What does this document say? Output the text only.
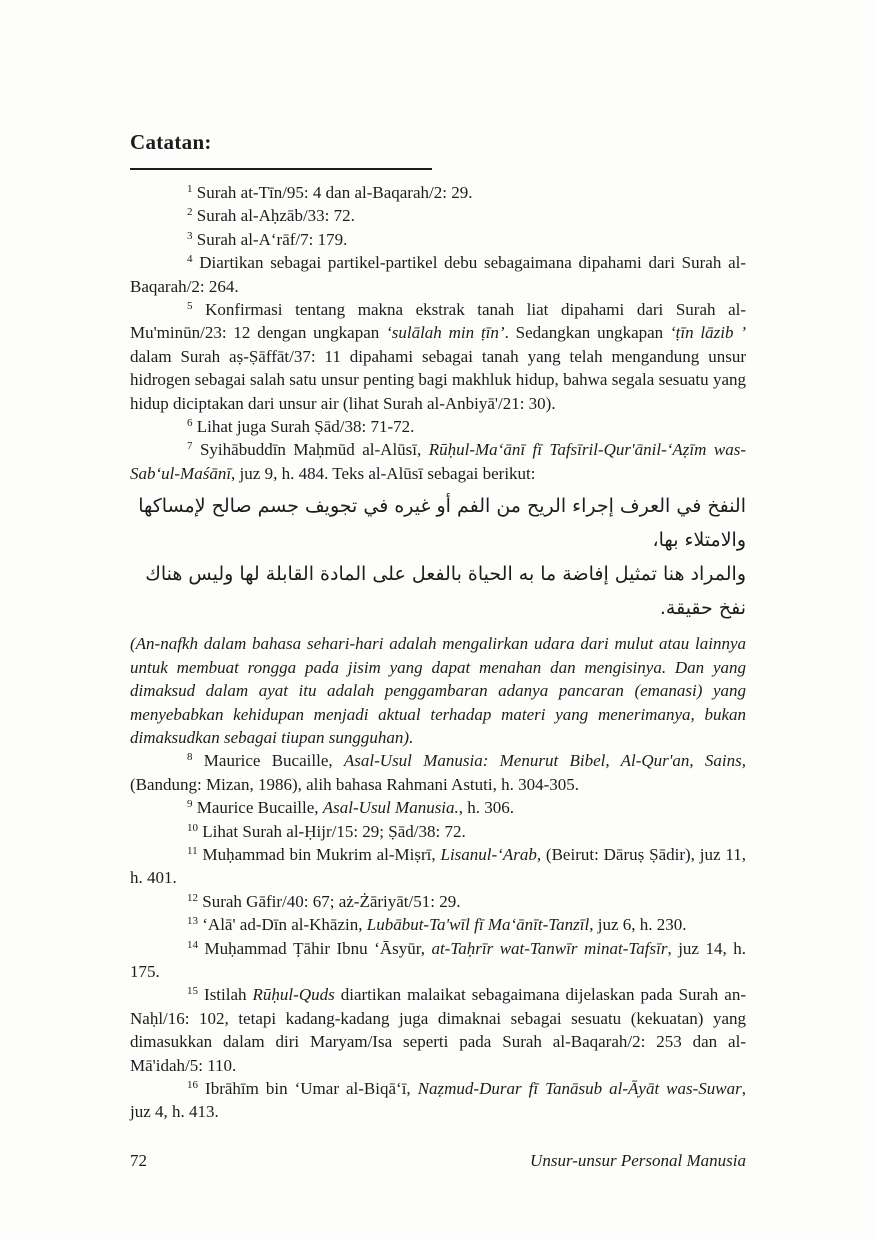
Catatan:

$^1$ Surah at-Tīn/95: 4 dan al-Baqarah/2: 29.

$^2$ Surah al-Aḥzāb/33: 72.

$^3$ Surah al-A‘rāf/7: 179.

$^4$ Diartikan sebagai partikel-partikel debu sebagaimana dipahami dari Surah al-Baqarah/2: 264.

$^5$ Konfirmasi tentang makna ekstrak tanah liat dipahami dari Surah al-Mu'minūn/23: 12 dengan ungkapan ‘sulālah min ṭīn’. Sedangkan ungkapan ‘ṭīn lāzib ’ dalam Surah aṣ-Ṣāffāt/37: 11 dipahami sebagai tanah yang telah mengandung unsur hidrogen sebagai salah satu unsur penting bagi makhluk hidup, bahwa segala sesuatu yang hidup diciptakan dari unsur air (lihat Surah al-Anbiyā'/21: 30).

$^6$ Lihat juga Surah Ṣād/38: 71-72.

$^7$ Syihābuddīn Maḥmūd al-Alūsī, Rūḥul-Ma‘ānī fī Tafsīril-Qur'ānil-‘Aẓīm was-Sab‘ul-Maśānī, juz 9, h. 484. Teks al-Alūsī sebagai berikut:

النفخ في العرف إجراء الريح من الفم أو غيره في تجويف جسم صالح لإمساكها والامتلاء بها،
والمراد هنا تمثيل إفاضة ما به الحياة بالفعل على المادة القابلة لها وليس هناك نفخ حقيقة.

(An-nafkh dalam bahasa sehari-hari adalah mengalirkan udara dari mulut atau lainnya untuk membuat rongga pada jisim yang dapat menahan dan mengisinya. Dan yang dimaksud dalam ayat itu adalah penggambaran adanya pancaran (emanasi) yang menyebabkan kehidupan menjadi aktual terhadap materi yang menerimanya, bukan dimaksudkan sebagai tiupan sungguhan).

$^8$ Maurice Bucaille, Asal-Usul Manusia: Menurut Bibel, Al-Qur'an, Sains, (Bandung: Mizan, 1986), alih bahasa Rahmani Astuti, h. 304-305.

$^9$ Maurice Bucaille, Asal-Usul Manusia., h. 306.

$^{10}$ Lihat Surah al-Ḥijr/15: 29; Ṣād/38: 72.

$^{11}$ Muḥammad bin Mukrim al-Miṣrī, Lisanul-‘Arab, (Beirut: Dāruṣ Ṣādir), juz 11, h. 401.

$^{12}$ Surah Gāfir/40: 67; aż-Żāriyāt/51: 29.

$^{13}$ ‘Alā' ad-Dīn al-Khāzin, Lubābut-Ta'wīl fī Ma‘ānīt-Tanzīl, juz 6, h. 230.

$^{14}$ Muḥammad Ṭāhir Ibnu ‘Āsyūr, at-Taḥrīr wat-Tanwīr minat-Tafsīr, juz 14, h. 175.

$^{15}$ Istilah Rūḥul-Quds diartikan malaikat sebagaimana dijelaskan pada Surah an-Naḥl/16: 102, tetapi kadang-kadang juga dimaknai sebagai sesuatu (kekuatan) yang dimasukkan dalam diri Maryam/Isa seperti pada Surah al-Baqarah/2: 253 dan al-Mā'idah/5: 110.

$^{16}$ Ibrāhīm bin ‘Umar al-Biqā‘ī, Naẓmud-Durar fī Tanāsub al-Āyāt was-Suwar, juz 4, h. 413.

72	Unsur-unsur Personal Manusia
